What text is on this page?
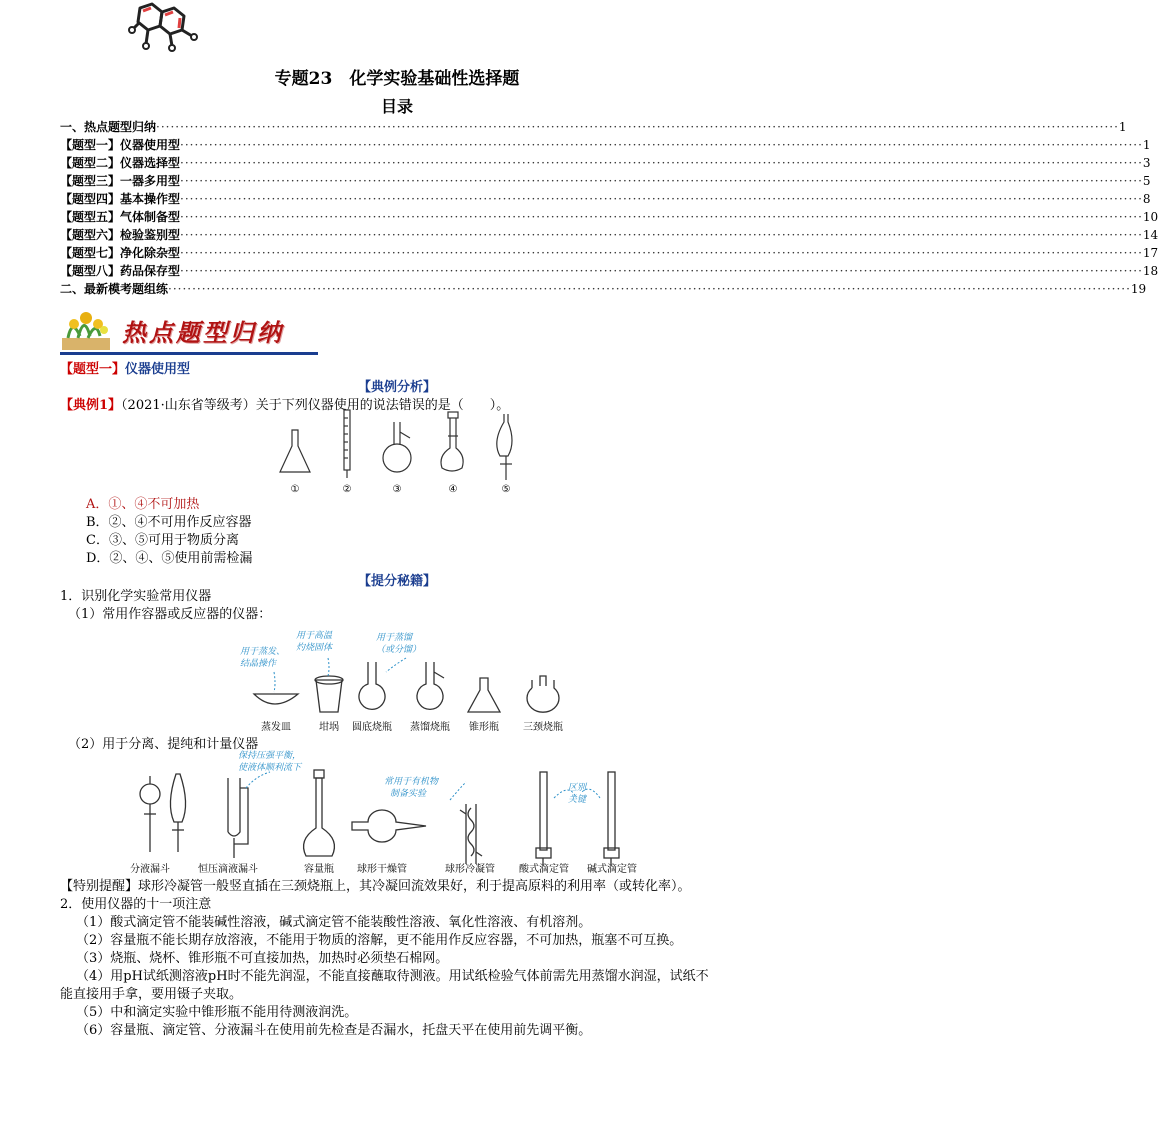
专题23　化学实验基础性选择题
目录
一、热点题型归纳 ········································································································································································································ 1
【题型一】仪器使用型 ········································································································································································································ 1
【题型二】仪器选择型 ········································································································································································································ 3
【题型三】一器多用型 ········································································································································································································ 5
【题型四】基本操作型 ········································································································································································································ 8
【题型五】气体制备型 ········································································································································································································ 10
【题型六】检验鉴别型 ········································································································································································································ 14
【题型七】净化除杂型 ········································································································································································································ 17
【题型八】药品保存型 ········································································································································································································ 18
二、最新模考题组练 ········································································································································································································ 19
热点题型归纳
【题型一】仪器使用型
【典例分析】
【典例1】（2021·山东省等级考）关于下列仪器使用的说法错误的是（　　）。
①	②	③	④	⑤
A．①、④不可加热
B．②、④不可用作反应容器
C．③、⑤可用于物质分离
D．②、④、⑤使用前需检漏
【提分秘籍】
1．识别化学实验常用仪器
（1）常用作容器或反应器的仪器：
用于蒸发、
结晶操作
用于高温
灼烧固体
用于蒸馏
（或分馏）
蒸发皿	坩埚 圆底烧瓶 蒸馏烧瓶 锥形瓶 三颈烧瓶
（2）用于分离、提纯和计量仪器
保持压强平衡，
使液体顺利流下
常用于有机物
制备实验
区别
关键
分液漏斗	恒压滴液漏斗	容量瓶 球形干燥管	球形冷凝管 酸式滴定管 碱式滴定管
【特别提醒】球形冷凝管一般竖直插在三颈烧瓶上，其冷凝回流效果好，利于提高原料的利用率（或转化率）。
2．使用仪器的十一项注意
（1）酸式滴定管不能装碱性溶液，碱式滴定管不能装酸性溶液、氧化性溶液、有机溶剂。
（2）容量瓶不能长期存放溶液，不能用于物质的溶解，更不能用作反应容器，不可加热，瓶塞不可互换。
（3）烧瓶、烧杯、锥形瓶不可直接加热，加热时必须垫石棉网。
（4）用pH试纸测溶液pH时不能先润湿，不能直接蘸取待测液。用试纸检验气体前需先用蒸馏水润湿，试纸不
能直接用手拿，要用镊子夹取。
（5）中和滴定实验中锥形瓶不能用待测液润洗。
（6）容量瓶、滴定管、分液漏斗在使用前先检查是否漏水，托盘天平在使用前先调平衡。
